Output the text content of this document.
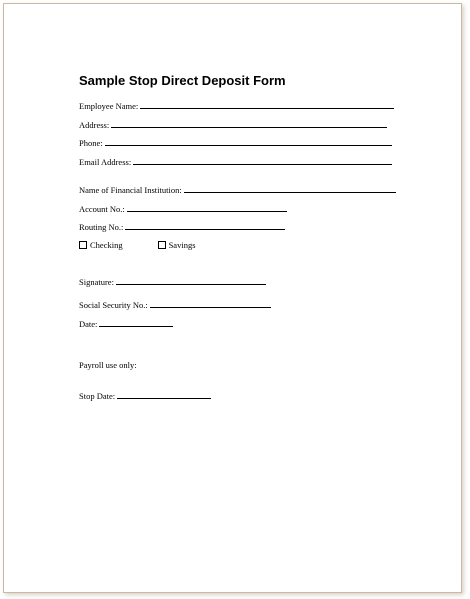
Sample Stop Direct Deposit Form
Employee Name:
Address:
Phone:
Email Address:
Name of Financial Institution:
Account No.:
Routing No.:
Checking	Savings
Signature:
Social Security No.:
Date:
Payroll use only:
Stop Date:
